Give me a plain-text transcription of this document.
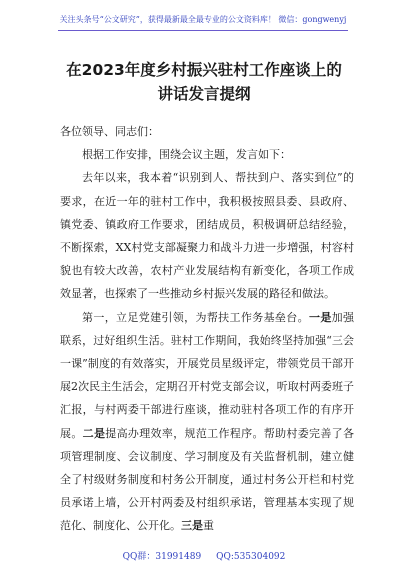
关注头条号“公文研究”，获得最新最全最专业的公文资料库！ 微信：gongwenyj
在2023年度乡村振兴驻村工作座谈上的
讲话发言提纲

各位领导、同志们：

根据工作安排，围绕会议主题，发言如下：

去年以来，我本着“识别到人、帮扶到户、落实到位”的要求，在近一年的驻村工作中，我积极按照县委、县政府、镇党委、镇政府工作要求，团结成员，积极调研总结经验，不断探索，XX村党支部凝聚力和战斗力进一步增强，村容村貌也有较大改善，农村产业发展结构有新变化，各项工作成效显著，也探索了一些推动乡村振兴发展的路径和做法。

第一，立足党建引领，为帮扶工作务基垒台。一是加强联系，过好组织生活。驻村工作期间，我始终坚持加强“三会一课”制度的有效落实，开展党员星级评定，带领党员干部开展2次民主生活会，定期召开村党支部会议，听取村两委班子汇报，与村两委干部进行座谈，推动驻村各项工作的有序开展。二是提高办理效率，规范工作程序。帮助村委完善了各项管理制度、会议制度、学习制度及有关监督机制，建立健全了村级财务制度和村务公开制度，通过村务公开栏和村党员承诺上墙，公开村两委及村组织承诺，管理基本实现了规范化、制度化、公开化。三是重

QQ群：31991489 QQ:535304092
